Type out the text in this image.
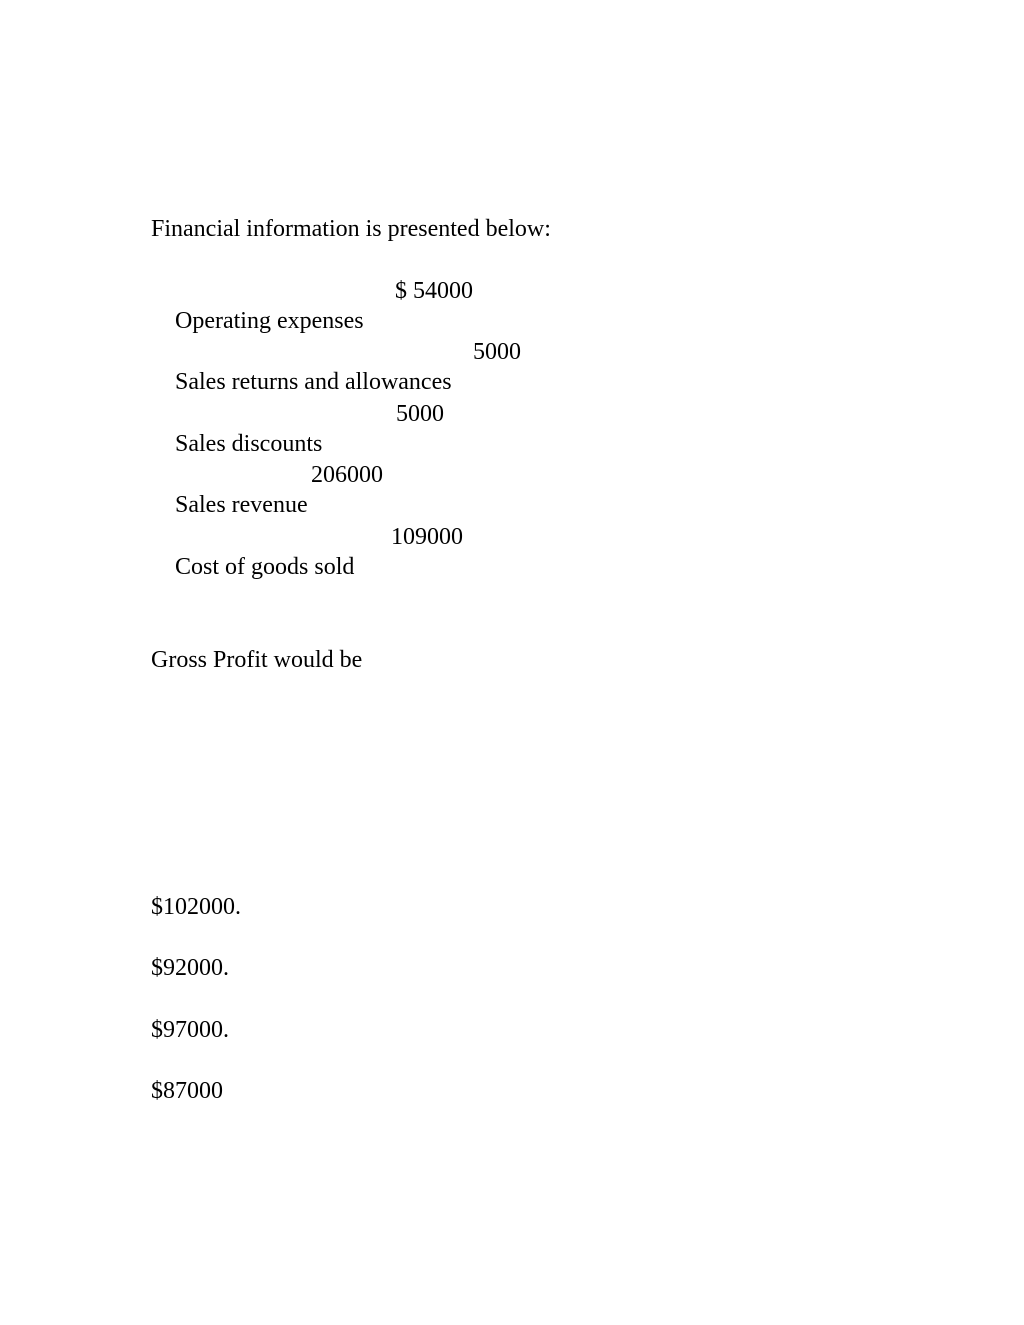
Financial information is presented below:

Operating expenses
$ 54000

Sales returns and allowances
5000

Sales discounts
5000

Sales revenue
206000

Cost of goods sold
109000

Gross Profit would be

$102000.

$92000.

$97000.

$87000
